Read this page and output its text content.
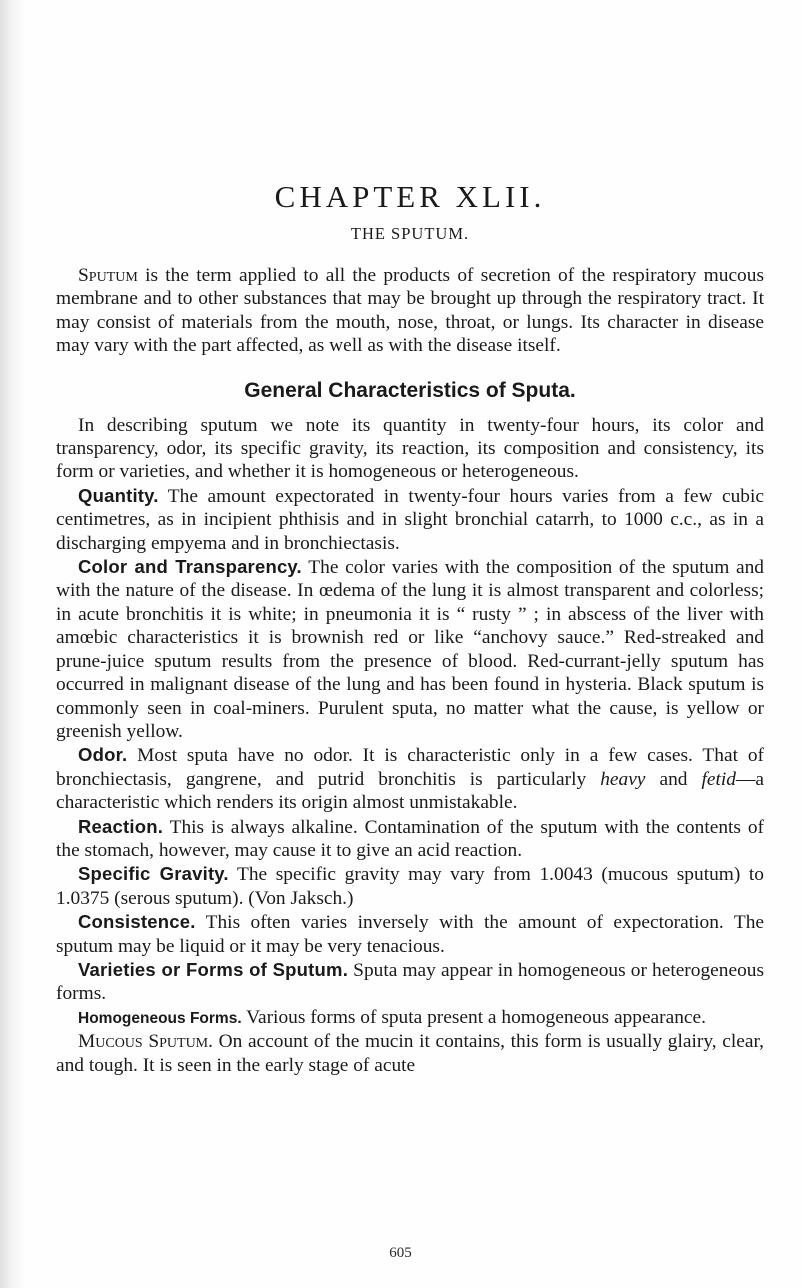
CHAPTER XLII.
THE SPUTUM.

Sputum is the term applied to all the products of secretion of the respiratory mucous membrane and to other substances that may be brought up through the respiratory tract. It may consist of materials from the mouth, nose, throat, or lungs. Its character in disease may vary with the part affected, as well as with the disease itself.

General Characteristics of Sputa.

In describing sputum we note its quantity in twenty-four hours, its color and transparency, odor, its specific gravity, its reaction, its composition and consistency, its form or varieties, and whether it is homogeneous or heterogeneous.

Quantity. The amount expectorated in twenty-four hours varies from a few cubic centimetres, as in incipient phthisis and in slight bronchial catarrh, to 1000 c.c., as in a discharging empyema and in bronchiectasis.

Color and Transparency. The color varies with the composition of the sputum and with the nature of the disease. In œdema of the lung it is almost transparent and colorless; in acute bronchitis it is white; in pneumonia it is “ rusty ” ; in abscess of the liver with amœbic characteristics it is brownish red or like “anchovy sauce.” Red-streaked and prune-juice sputum results from the presence of blood. Red-currant-jelly sputum has occurred in malignant disease of the lung and has been found in hysteria. Black sputum is commonly seen in coal-miners. Purulent sputa, no matter what the cause, is yellow or greenish yellow.

Odor. Most sputa have no odor. It is characteristic only in a few cases. That of bronchiectasis, gangrene, and putrid bronchitis is particularly heavy and fetid—a characteristic which renders its origin almost unmistakable.

Reaction. This is always alkaline. Contamination of the sputum with the contents of the stomach, however, may cause it to give an acid reaction.

Specific Gravity. The specific gravity may vary from 1.0043 (mucous sputum) to 1.0375 (serous sputum). (Von Jaksch.)

Consistence. This often varies inversely with the amount of expectoration. The sputum may be liquid or it may be very tenacious.

Varieties or Forms of Sputum. Sputa may appear in homogeneous or heterogeneous forms.

Homogeneous Forms. Various forms of sputa present a homogeneous appearance.

Mucous Sputum. On account of the mucin it contains, this form is usually glairy, clear, and tough. It is seen in the early stage of acute

605
